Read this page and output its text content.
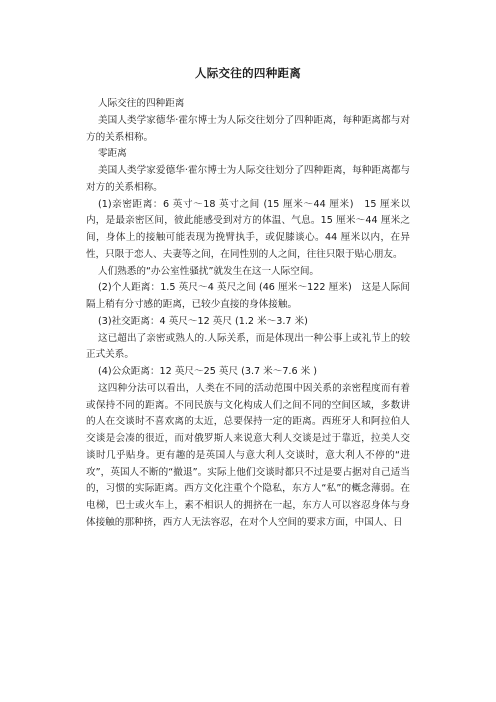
人际交往的四种距离

人际交往的四种距离

美国人类学家德华·霍尔博士为人际交往划分了四种距离，每种距离都与对方的关系相称。

零距离

美国人类学家爱德华·霍尔博士为人际交往划分了四种距离，每种距离都与对方的关系相称。

(1)亲密距离：6 英寸～18 英寸之间 (15 厘米～44 厘米)　15 厘米以内，是最亲密区间，彼此能感受到对方的体温、气息。15 厘米～44 厘米之间，身体上的接触可能表现为挽臂执手，或促膝谈心。44 厘米以内，在异性，只限于恋人、夫妻等之间，在同性别的人之间，往往只限于贴心朋友。

人们熟悉的“办公室性骚扰”就发生在这一人际空间。

(2)个人距离：1.5 英尺～4 英尺之间 (46 厘米～122 厘米)　这是人际间隔上稍有分寸感的距离，已较少直接的身体接触。

(3)社交距离：4 英尺～12 英尺 (1.2 米～3.7 米)

这已超出了亲密或熟人的.人际关系，而是体现出一种公事上或礼节上的较正式关系。

(4)公众距离：12 英尺～25 英尺 (3.7 米～7.6 米 )

这四种分法可以看出，人类在不同的活动范围中因关系的亲密程度而有着或保持不同的距离。不同民族与文化构成人们之间不同的空间区域，多数讲的人在交谈时不喜欢离的太近，总要保持一定的距离。西班牙人和阿拉伯人交谈是会凑的很近，而对俄罗斯人来说意大利人交谈是过于靠近，拉美人交谈时几乎贴身。更有趣的是英国人与意大利人交谈时，意大利人不停的“进攻”，英国人不断的“撤退”。实际上他们交谈时都只不过是要占据对自己适当的，习惯的实际距离。西方文化注重个个隐私，东方人“私”的概念薄弱。在电梯，巴士或火车上，素不相识人的拥挤在一起，东方人可以容忍身体与身体接触的那种挤，西方人无法容忍，在对个人空间的要求方面，中国人、日
